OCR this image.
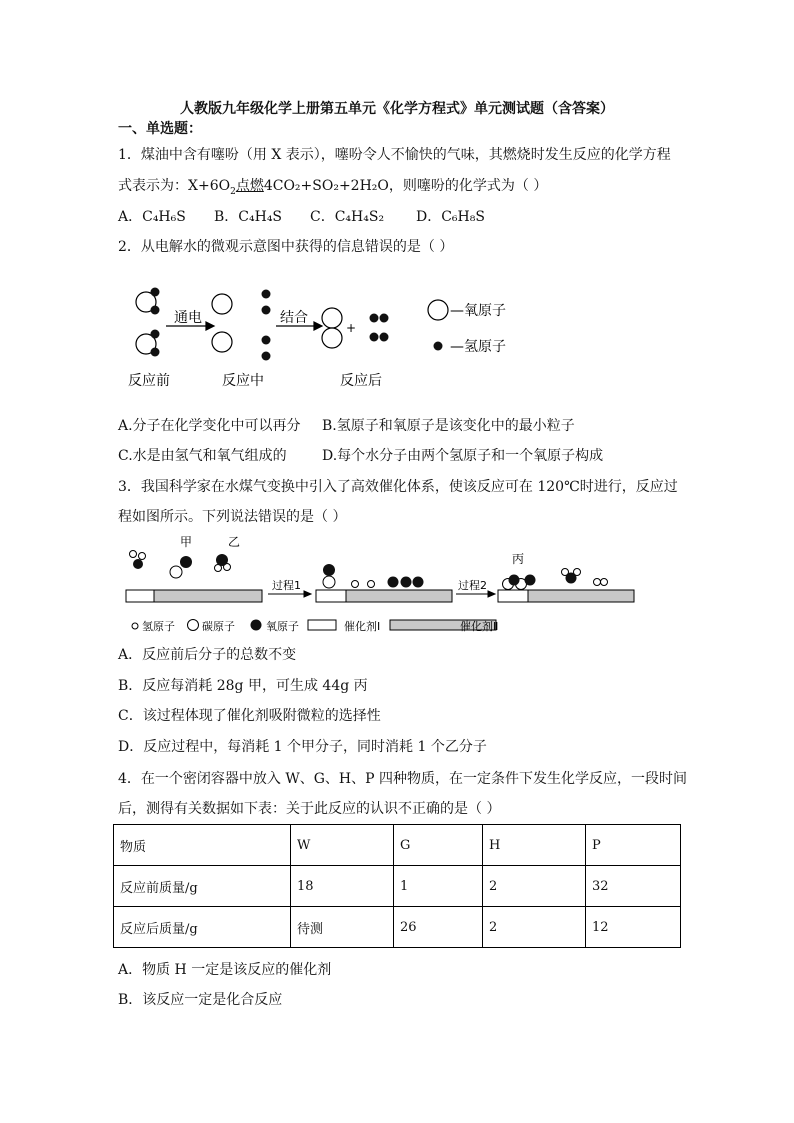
人教版九年级化学上册第五单元《化学方程式》单元测试题（含答案）
一、单选题：
1．煤油中含有噻吩（用 X 表示），噻吩令人不愉快的气味，其燃烧时发生反应的化学方程
式表示为：$X+6O_2$点燃4CO₂+SO₂+2H₂O，则噻吩的化学式为（ ）
A．C₄H₆S B．C₄H₄S C．C₄H₄S₂ D．C₆H₈S
2．从电解水的微观示意图中获得的信息错误的是（ ）
通电	结合
+
—氧原子
—氢原子
反应前	反应中	反应后
A.分子在化学变化中可以再分 B.氢原子和氧原子是该变化中的最小粒子
C.水是由氢气和氧气组成的	D.每个水分子由两个氢原子和一个氧原子构成
3．我国科学家在水煤气变换中引入了高效催化体系，使该反应可在 120℃时进行，反应过
程如图所示。下列说法错误的是（ ）
甲	乙
丙
过程1	过程2
氢原子 碳原子	氧原子	催化剂Ⅰ	催化剂Ⅱ
A．反应前后分子的总数不变
B．反应每消耗 28g 甲，可生成 44g 丙
C．该过程体现了催化剂吸附微粒的选择性
D．反应过程中，每消耗 1 个甲分子，同时消耗 1 个乙分子
4．在一个密闭容器中放入 W、G、H、P 四种物质，在一定条件下发生化学反应，一段时间
后，测得有关数据如下表：关于此反应的认识不正确的是（ ）
物质	W	G	H	P
反应前质量/g	18	1	2	32
反应后质量/g	待测	26	2	12
A．物质 H 一定是该反应的催化剂
B．该反应一定是化合反应
